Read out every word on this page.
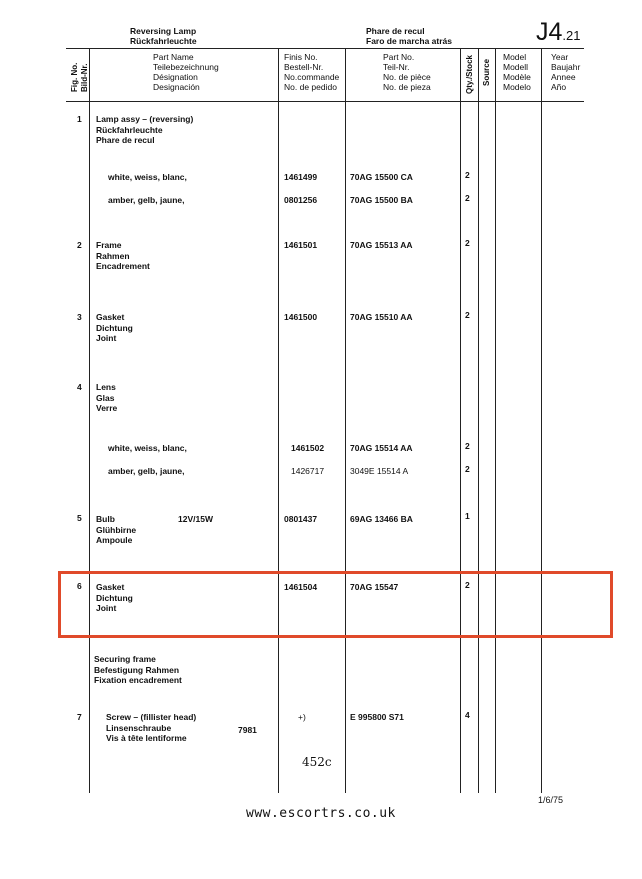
Reversing Lamp
Rückfahrleuchte
Phare de recul
Faro de marcha atrás	J4.21
Fig. No. Bild-Nr.
Part Name
Teilebezeichnung
Désignation
Designación
Finis No.
Bestell-Nr.
No.commande
No. de pedido
Part No.
Teil-Nr.
No. de pièce
No. de pieza	Qty./Stock Source
Model
Modell
Modèle
Modelo
Year
Baujahr
Annee
Año
1 Lamp assy – (reversing)
Rückfahrleuchte
Phare de recul
white, weiss, blanc,	1461499	70AG 15500 CA	2
amber, gelb, jaune,	0801256	70AG 15500 BA	2
2 Frame
Rahmen
Encadrement
1461501	70AG 15513 AA	2
3 Gasket
Dichtung
Joint
1461500	70AG 15510 AA	2
4 Lens
Glas
Verre
white, weiss, blanc,	1461502	70AG 15514 AA	2
amber, gelb, jaune,	1426717	3049E 15514 A	2
5 Bulb
Glühbirne
Ampoule
12V/15W	0801437	69AG 13466 BA	1
6 Gasket
Dichtung
Joint
1461504	70AG 15547	2
Securing frame
Befestigung Rahmen
Fixation encadrement
7	Screw – (fillister head)
Linsenschraube
Vis à tête lentiforme
7981
+)	E 995800 S71	4
452c
1/6/75
www.escortrs.co.uk
